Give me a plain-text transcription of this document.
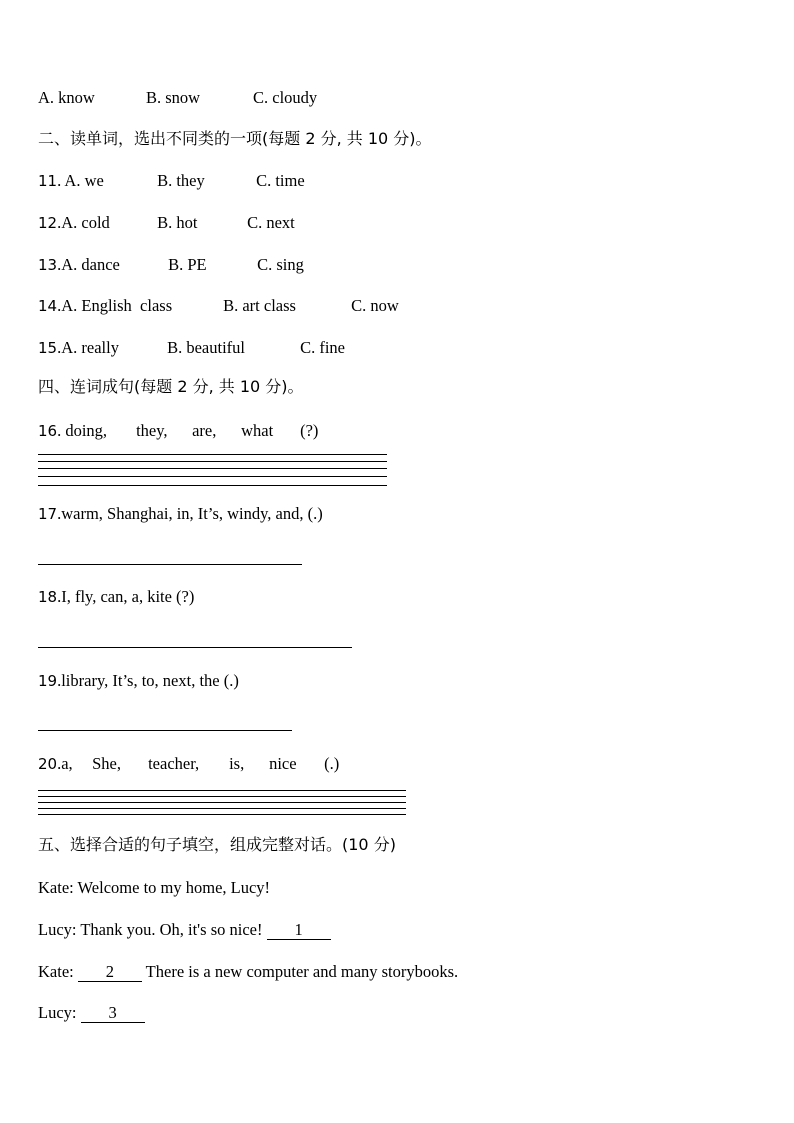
A. know	B. snow	C. cloudy
二、读单词，选出不同类的一项(每题 2 分, 共 10 分)。
11. A. we	B. they	C. time
12.A. cold	B. hot	C. next
13.A. dance	B. PE	C. sing
14.A. English  class	B. art class	C. now
15.A. really	B. beautiful	C. fine
四、连词成句(每题 2 分, 共 10 分)。
16. doing, they, are, what (?)
17.warm, Shanghai, in, It’s, windy, and, (.)
18.I, fly, can, a, kite (?)
19.library, It’s, to, next, the (.)
20.a, She, teacher, is, nice (.)
五、选择合适的句子填空，组成完整对话。(10 分)
Kate: Welcome to my home, Lucy!
Lucy: Thank you. Oh, it's so nice! 1
Kate: 2 There is a new computer and many storybooks.
Lucy: 3
